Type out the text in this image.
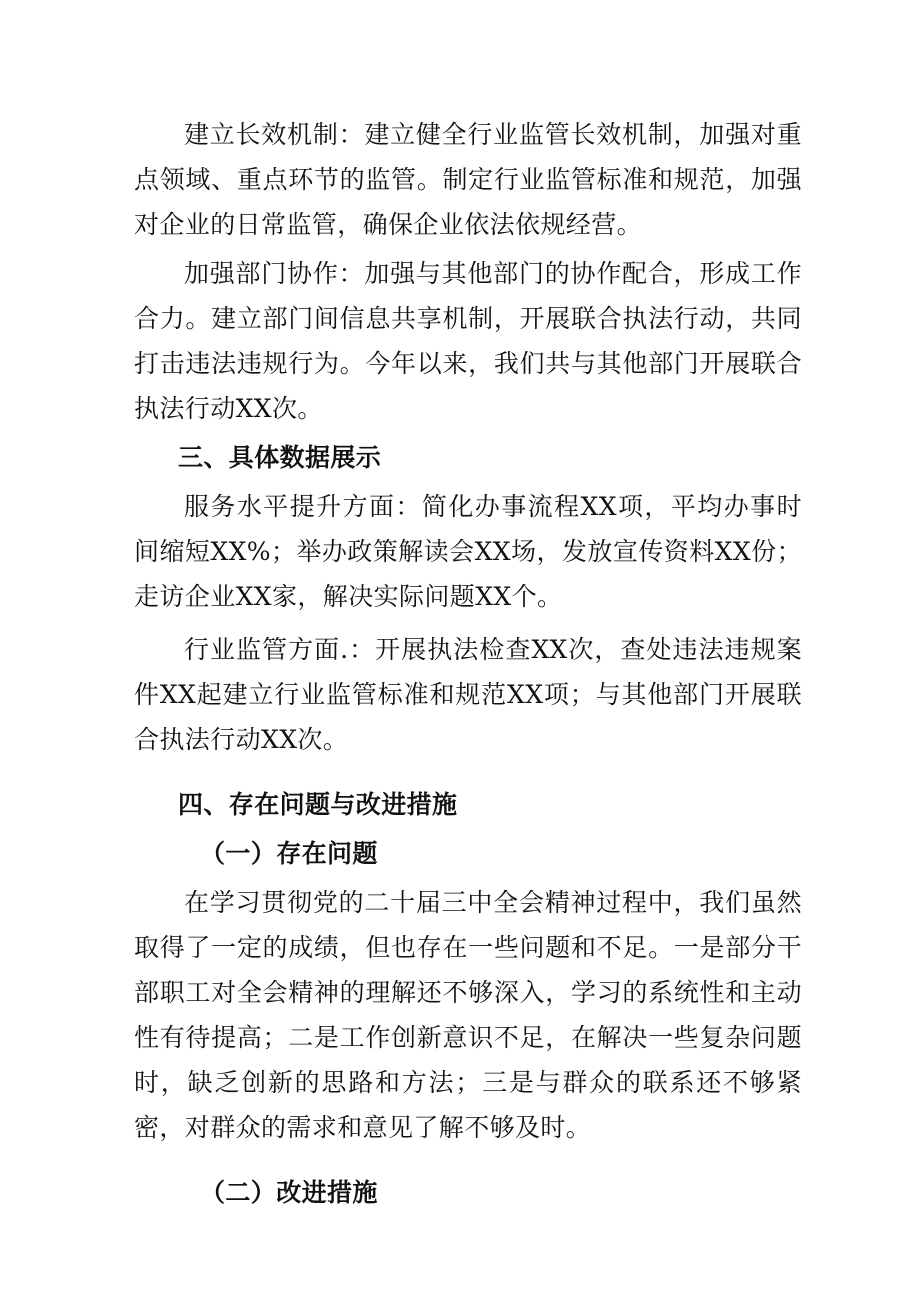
建立长效机制：建立健全行业监管长效机制，加强对重点领域、重点环节的监管。制定行业监管标准和规范，加强对企业的日常监管，确保企业依法依规经营。

加强部门协作：加强与其他部门的协作配合，形成工作合力。建立部门间信息共享机制，开展联合执法行动，共同打击违法违规行为。今年以来，我们共与其他部门开展联合执法行动XX次。

三、具体数据展示

服务水平提升方面：简化办事流程XX项，平均办事时间缩短XX%；举办政策解读会XX场，发放宣传资料XX份；走访企业XX家，解决实际问题XX个。

行业监管方面.：开展执法检查XX次，查处违法违规案件XX起建立行业监管标准和规范XX项；与其他部门开展联合执法行动XX次。

四、存在问题与改进措施
（一）存在问题

在学习贯彻党的二十届三中全会精神过程中，我们虽然取得了一定的成绩，但也存在一些问题和不足。一是部分干部职工对全会精神的理解还不够深入，学习的系统性和主动性有待提高；二是工作创新意识不足，在解决一些复杂问题时，缺乏创新的思路和方法；三是与群众的联系还不够紧密，对群众的需求和意见了解不够及时。

（二）改进措施
